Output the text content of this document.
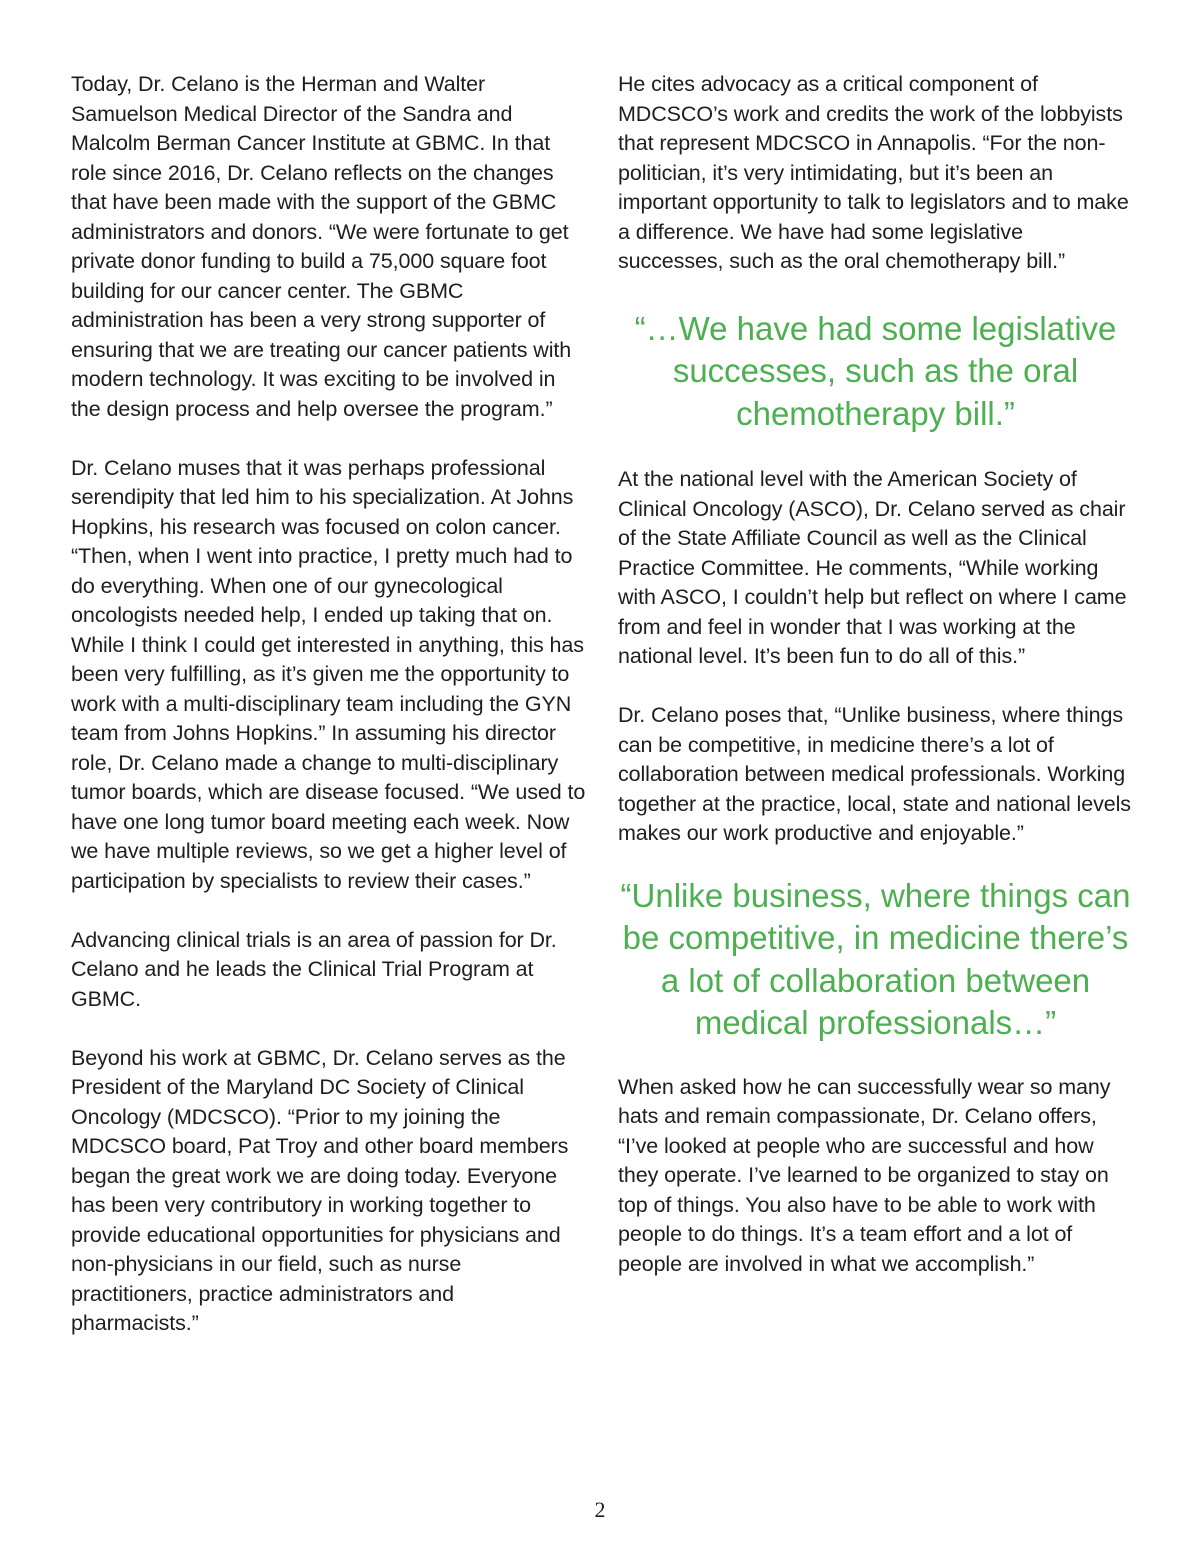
Today, Dr. Celano is the Herman and Walter Samuelson Medical Director of the Sandra and Malcolm Berman Cancer Institute at GBMC. In that role since 2016, Dr. Celano reflects on the changes that have been made with the support of the GBMC administrators and donors. “We were fortunate to get private donor funding to build a 75,000 square foot building for our cancer center. The GBMC administration has been a very strong supporter of ensuring that we are treating our cancer patients with modern technology. It was exciting to be involved in the design process and help oversee the program.”

Dr. Celano muses that it was perhaps professional serendipity that led him to his specialization. At Johns Hopkins, his research was focused on colon cancer. “Then, when I went into practice, I pretty much had to do everything. When one of our gynecological oncologists needed help, I ended up taking that on. While I think I could get interested in anything, this has been very fulfilling, as it’s given me the opportunity to work with a multi-disciplinary team including the GYN team from Johns Hopkins.” In assuming his director role, Dr. Celano made a change to multi-disciplinary tumor boards, which are disease focused. “We used to have one long tumor board meeting each week. Now we have multiple reviews, so we get a higher level of participation by specialists to review their cases.”

Advancing clinical trials is an area of passion for Dr. Celano and he leads the Clinical Trial Program at GBMC.

Beyond his work at GBMC, Dr. Celano serves as the President of the Maryland DC Society of Clinical Oncology (MDCSCO). “Prior to my joining the MDCSCO board, Pat Troy and other board members began the great work we are doing today. Everyone has been very contributory in working together to provide educational opportunities for physicians and non-physicians in our field, such as nurse practitioners, practice administrators and pharmacists.”

He cites advocacy as a critical component of MDCSCO’s work and credits the work of the lobbyists that represent MDCSCO in Annapolis. “For the non-politician, it’s very intimidating, but it’s been an important opportunity to talk to legislators and to make a difference. We have had some legislative successes, such as the oral chemotherapy bill.”

“…We have had some legislative successes, such as the oral chemotherapy bill.”

At the national level with the American Society of Clinical Oncology (ASCO), Dr. Celano served as chair of the State Affiliate Council as well as the Clinical Practice Committee. He comments, “While working with ASCO, I couldn’t help but reflect on where I came from and feel in wonder that I was working at the national level. It’s been fun to do all of this.”

Dr. Celano poses that, “Unlike business, where things can be competitive, in medicine there’s a lot of collaboration between medical professionals. Working together at the practice, local, state and national levels makes our work productive and enjoyable.”

“Unlike business, where things can be competitive, in medicine there’s a lot of collaboration between medical professionals…”

When asked how he can successfully wear so many hats and remain compassionate, Dr. Celano offers, “I’ve looked at people who are successful and how they operate. I’ve learned to be organized to stay on top of things. You also have to be able to work with people to do things. It’s a team effort and a lot of people are involved in what we accomplish.”

2
